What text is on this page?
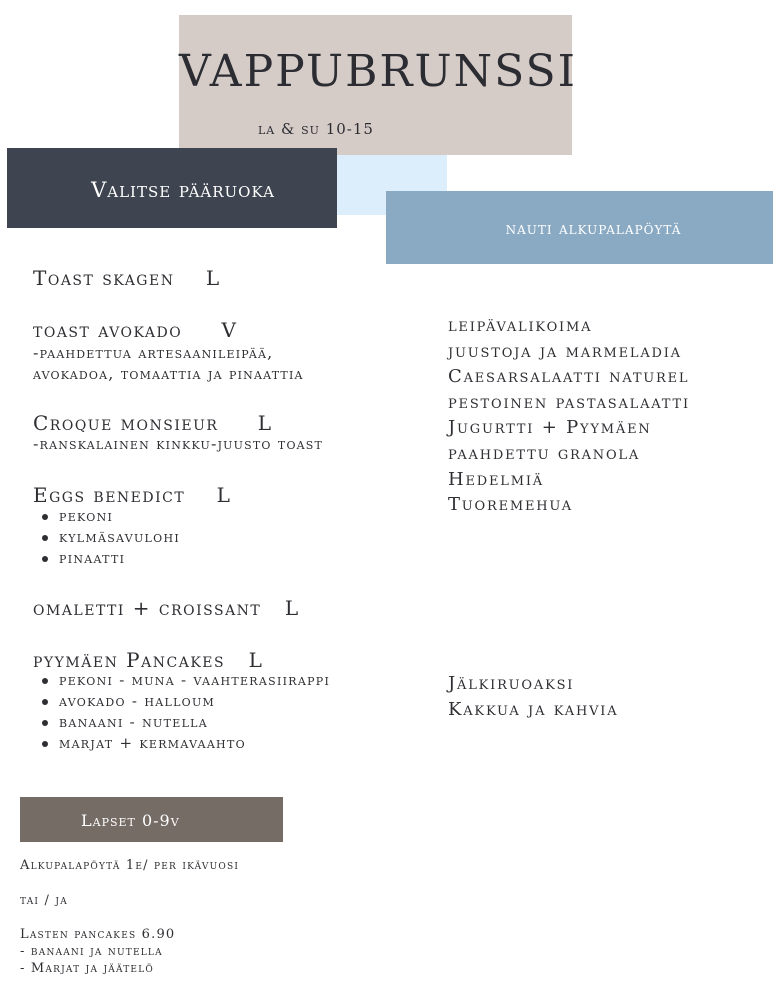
VAPPUBRUNSSI
la & su 10-15
Valitse pääruoka
nauti alkupalapöytä
Toast skagen    L
toast avokado     V
-paahdettua artesaanileipää,
avokadoa, tomaattia ja pinaattia
Croque monsieur     L
-ranskalainen kinkku-juusto toast
Eggs benedict    L
pekoni
kylmäsavulohi
pinaatti
omaletti + croissant   L
pyymäen Pancakes   L
pekoni - muna - vaahterasiirappi
avokado - halloum
banaani - nutella
marjat + kermavaahto
leipävalikoima
juustoja ja marmeladia
Caesarsalaatti naturel
pestoinen pastasalaatti
Jugurtti + Pyymäen
paahdettu granola
Hedelmiä
Tuoremehua
Jälkiruoaksi
Kakkua ja kahvia
Lapset 0-9v
Alkupalapöytä 1e/ per ikävuosi
tai / ja
Lasten pancakes 6.90
- banaani ja nutella
- Marjat ja jäätelö
